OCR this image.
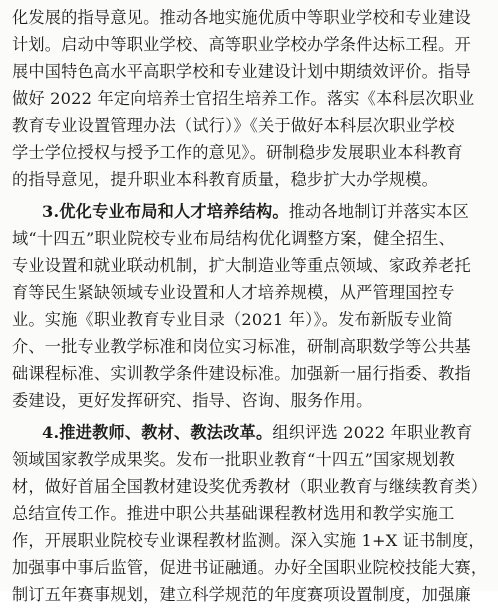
化发展的指导意见。推动各地实施优质中等职业学校和专业建设
计划。启动中等职业学校、高等职业学校办学条件达标工程。开
展中国特色高水平高职学校和专业建设计划中期绩效评价。指导
做好 2022 年定向培养士官招生培养工作。落实《本科层次职业
教育专业设置管理办法（试行）》《关于做好本科层次职业学校
学士学位授权与授予工作的意见》。研制稳步发展职业本科教育
的指导意见，提升职业本科教育质量，稳步扩大办学规模。
3.优化专业布局和人才培养结构。推动各地制订并落实本区
域“十四五”职业院校专业布局结构优化调整方案，健全招生、
专业设置和就业联动机制，扩大制造业等重点领域、家政养老托
育等民生紧缺领域专业设置和人才培养规模，从严管理国控专
业。实施《职业教育专业目录（2021 年）》。发布新版专业简
介、一批专业教学标准和岗位实习标准，研制高职数学等公共基
础课程标准、实训教学条件建设标准。加强新一届行指委、教指
委建设，更好发挥研究、指导、咨询、服务作用。
4.推进教师、教材、教法改革。组织评选 2022 年职业教育
领域国家教学成果奖。发布一批职业教育“十四五”国家规划教
材，做好首届全国教材建设奖优秀教材（职业教育与继续教育类）
总结宣传工作。推进中职公共基础课程教材选用和教学实施工
作，开展职业院校专业课程教材监测。深入实施 1+X 证书制度，
加强事中事后监管，促进书证融通。办好全国职业院校技能大赛，
制订五年赛事规划，建立科学规范的年度赛项设置制度，加强廉
